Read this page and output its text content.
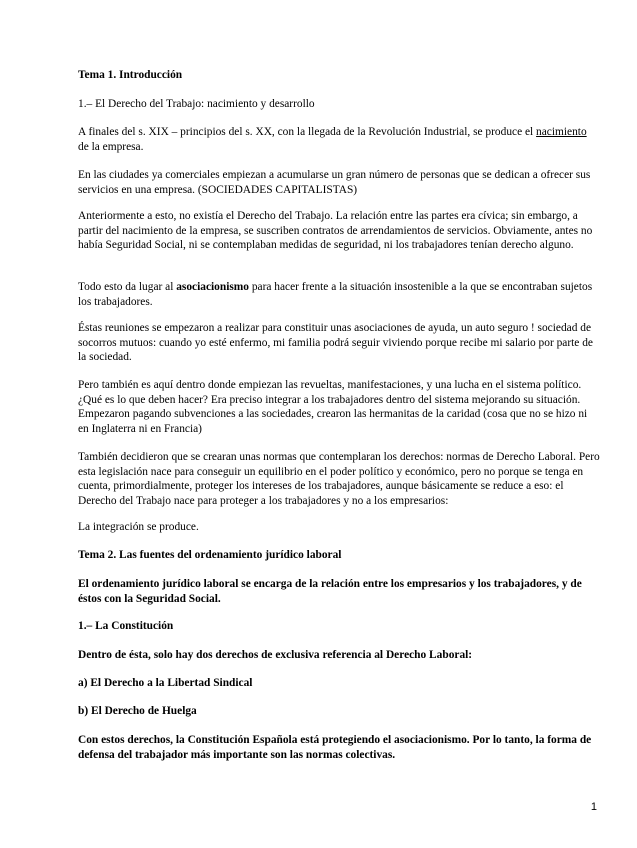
Tema 1. Introducción

1.– El Derecho del Trabajo: nacimiento y desarrollo

A finales del s. XIX – principios del s. XX, con la llegada de la Revolución Industrial, se produce el nacimiento de la empresa.

En las ciudades ya comerciales empiezan a acumularse un gran número de personas que se dedican a ofrecer sus servicios en una empresa. (SOCIEDADES CAPITALISTAS)

Anteriormente a esto, no existía el Derecho del Trabajo. La relación entre las partes era cívica; sin embargo, a partir del nacimiento de la empresa, se suscriben contratos de arrendamientos de servicios. Obviamente, antes no había Seguridad Social, ni se contemplaban medidas de seguridad, ni los trabajadores tenían derecho alguno.

Todo esto da lugar al asociacionismo para hacer frente a la situación insostenible a la que se encontraban sujetos los trabajadores.

Éstas reuniones se empezaron a realizar para constituir unas asociaciones de ayuda, un auto seguro ! sociedad de socorros mutuos: cuando yo esté enfermo, mi familia podrá seguir viviendo porque recibe mi salario por parte de la sociedad.

Pero también es aquí dentro donde empiezan las revueltas, manifestaciones, y una lucha en el sistema político. ¿Qué es lo que deben hacer? Era preciso integrar a los trabajadores dentro del sistema mejorando su situación. Empezaron pagando subvenciones a las sociedades, crearon las hermanitas de la caridad (cosa que no se hizo ni en Inglaterra ni en Francia)

También decidieron que se crearan unas normas que contemplaran los derechos: normas de Derecho Laboral. Pero esta legislación nace para conseguir un equilibrio en el poder político y económico, pero no porque se tenga en cuenta, primordialmente, proteger los intereses de los trabajadores, aunque básicamente se reduce a eso: el Derecho del Trabajo nace para proteger a los trabajadores y no a los empresarios:

La integración se produce.

Tema 2. Las fuentes del ordenamiento jurídico laboral

El ordenamiento jurídico laboral se encarga de la relación entre los empresarios y los trabajadores, y de éstos con la Seguridad Social.

1.– La Constitución

Dentro de ésta, solo hay dos derechos de exclusiva referencia al Derecho Laboral:

a) El Derecho a la Libertad Sindical

b) El Derecho de Huelga

Con estos derechos, la Constitución Española está protegiendo el asociacionismo. Por lo tanto, la forma de defensa del trabajador más importante son las normas colectivas.

1
